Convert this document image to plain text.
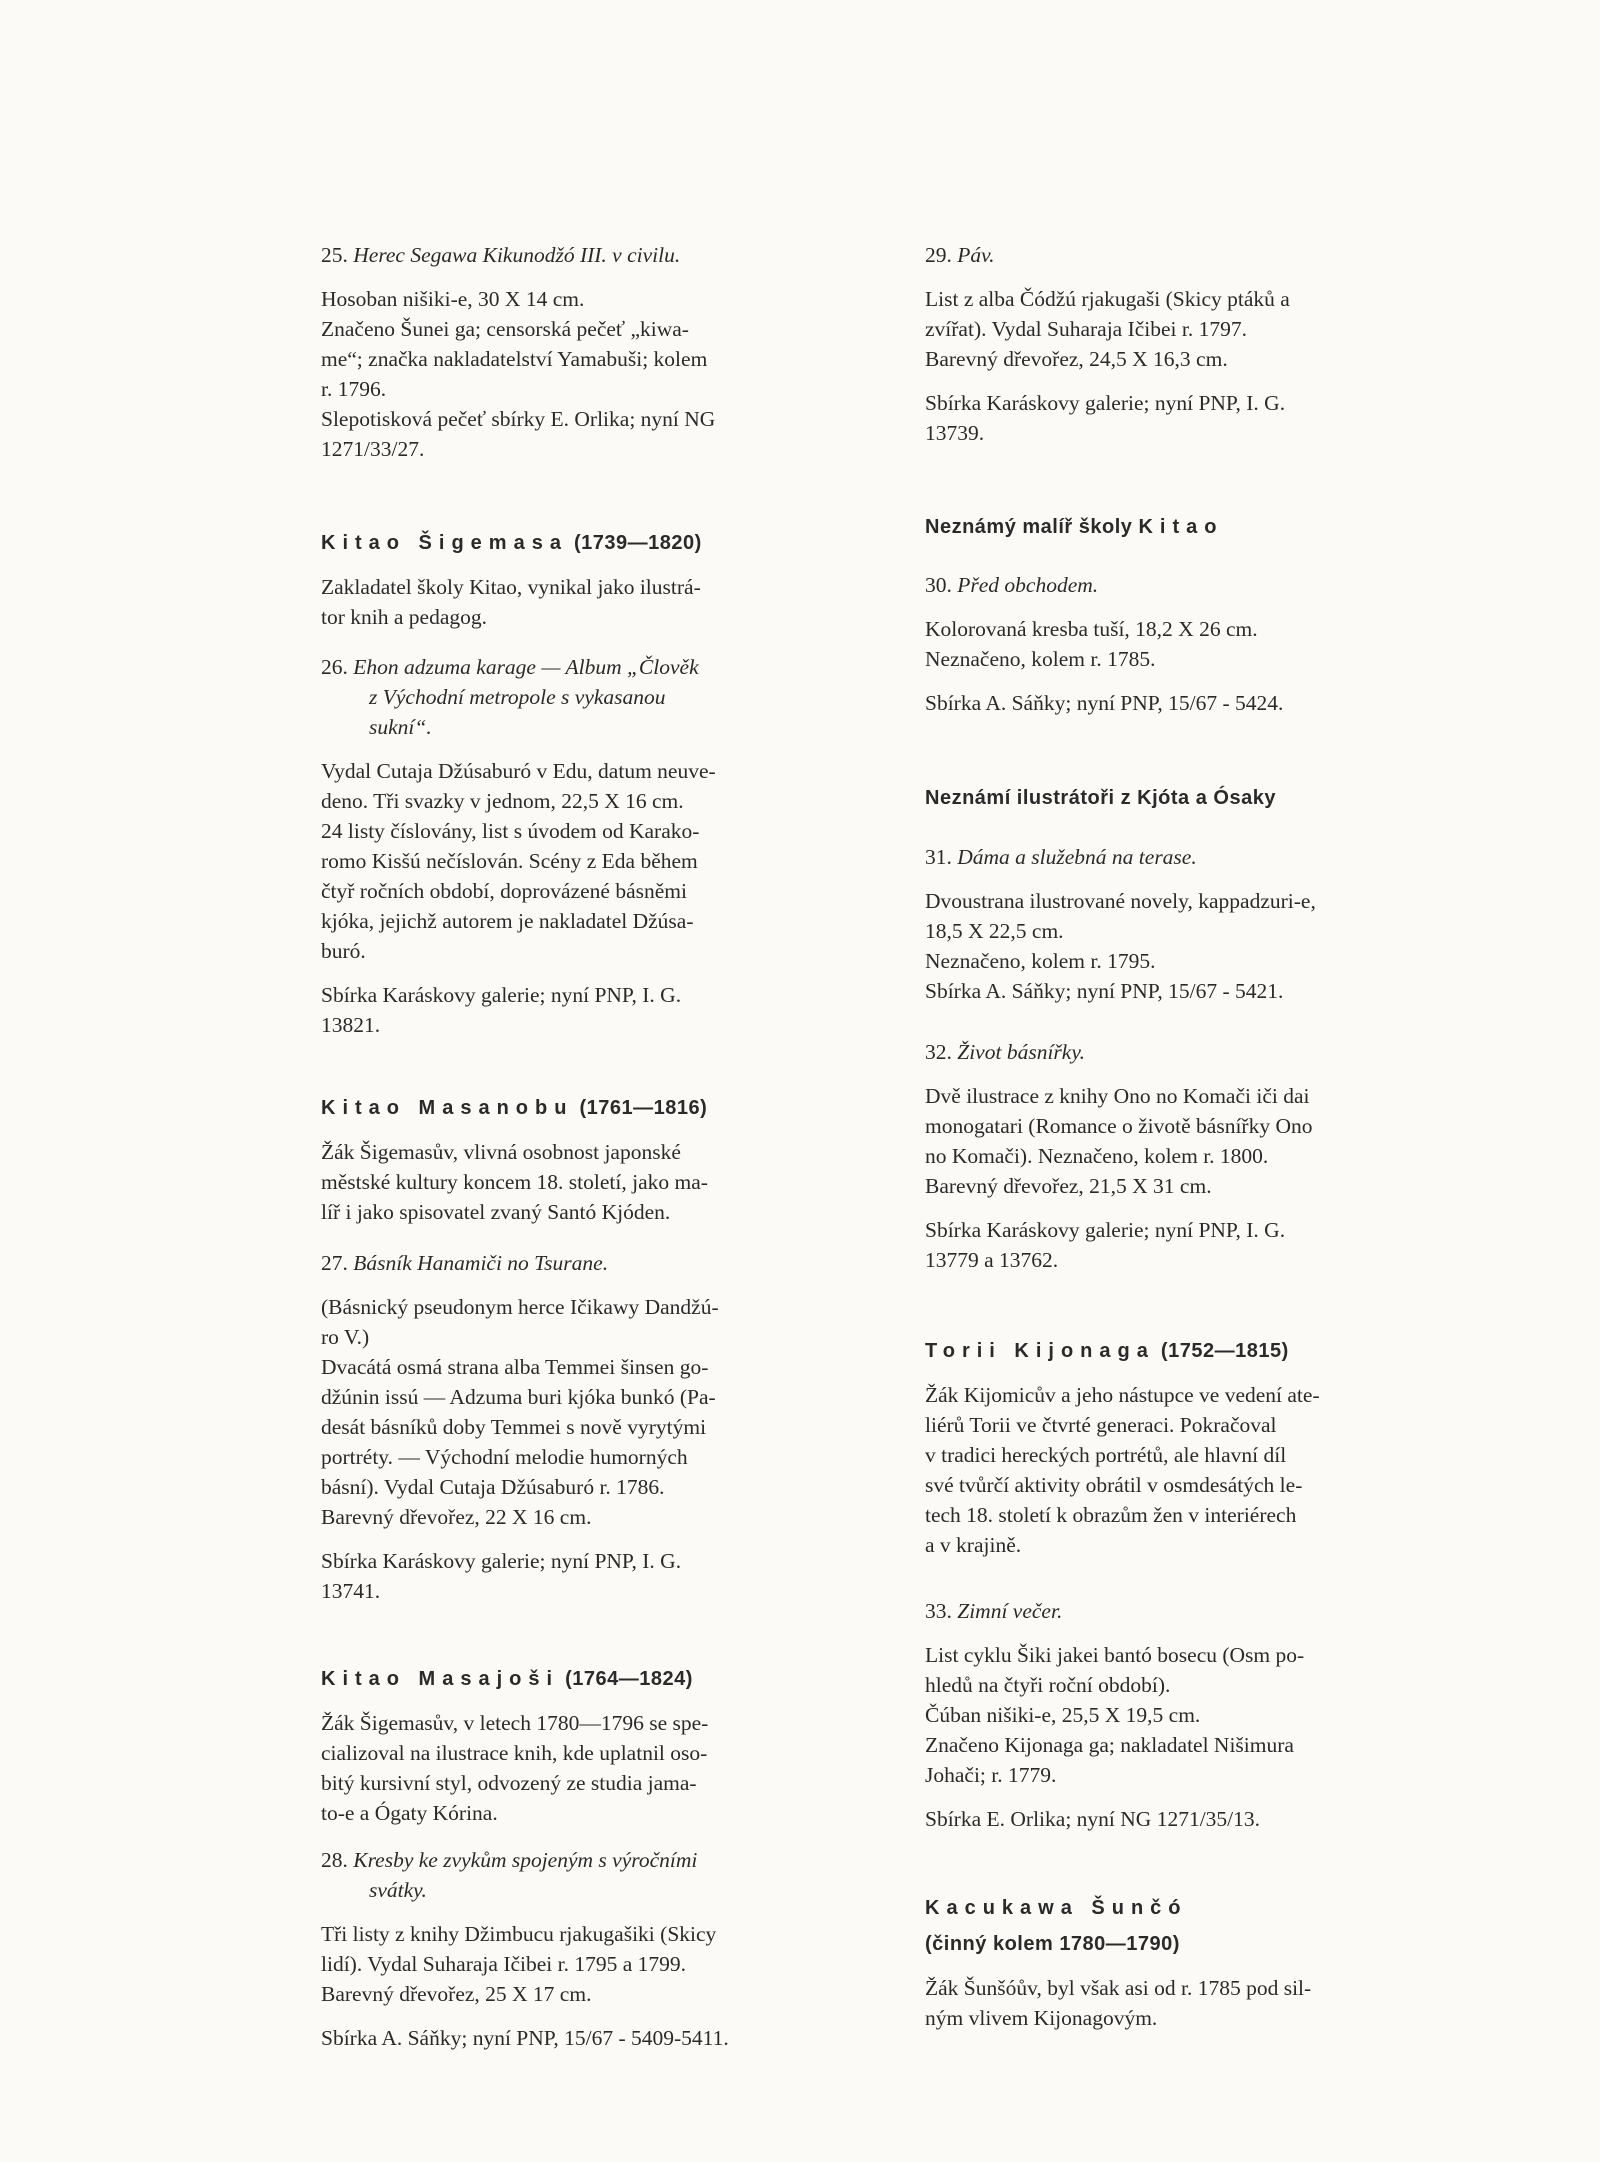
25. Herec Segawa Kikunodžó III. v civilu.

Hosoban nišiki-e, 30 X 14 cm.

Značeno Šunei ga; censorská pečeť „kiwa-

me“; značka nakladatelství Yamabuši; kolem

r. 1796.

Slepotisková pečeť sbírky E. Orlika; nyní NG

1271/33/27.

Kitao Šigemasa (1739—1820)

Zakladatel školy Kitao, vynikal jako ilustrá-

tor knih a pedagog.

26. Ehon adzuma karage — Album „Člověk
z Východní metropole s vykasanou
sukní“.

Vydal Cutaja Džúsaburó v Edu, datum neuve-

deno. Tři svazky v jednom, 22,5 X 16 cm.

24 listy číslovány, list s úvodem od Karako-

romo Kisšú nečíslován. Scény z Eda během

čtyř ročních období, doprovázené básněmi

kjóka, jejichž autorem je nakladatel Džúsa-

buró.

Sbírka Karáskovy galerie; nyní PNP, I. G.

13821.

Kitao Masanobu (1761—1816)

Žák Šigemasův, vlivná osobnost japonské

městské kultury koncem 18. století, jako ma-

líř i jako spisovatel zvaný Santó Kjóden.

27. Básník Hanamiči no Tsurane.

(Básnický pseudonym herce Ičikawy Dandžú-

ro V.)

Dvacátá osmá strana alba Temmei šinsen go-

džúnin issú — Adzuma buri kjóka bunkó (Pa-

desát básníků doby Temmei s nově vyrytými

portréty. — Východní melodie humorných

básní). Vydal Cutaja Džúsaburó r. 1786.

Barevný dřevořez, 22 X 16 cm.

Sbírka Karáskovy galerie; nyní PNP, I. G.

13741.

Kitao Masajoši (1764—1824)

Žák Šigemasův, v letech 1780—1796 se spe-

cializoval na ilustrace knih, kde uplatnil oso-

bitý kursivní styl, odvozený ze studia jama-

to-e a Ógaty Kórina.

28. Kresby ke zvykům spojeným s výročními
svátky.

Tři listy z knihy Džimbucu rjakugašiki (Skicy

lidí). Vydal Suharaja Ičibei r. 1795 a 1799.

Barevný dřevořez, 25 X 17 cm.

Sbírka A. Sáňky; nyní PNP, 15/67 - 5409-5411.

29. Páv.

List z alba Čódžú rjakugaši (Skicy ptáků a

zvířat). Vydal Suharaja Ičibei r. 1797.

Barevný dřevořez, 24,5 X 16,3 cm.

Sbírka Karáskovy galerie; nyní PNP, I. G.

13739.

Neznámý malíř školy Kitao
30. Před obchodem.

Kolorovaná kresba tuší, 18,2 X 26 cm.

Neznačeno, kolem r. 1785.

Sbírka A. Sáňky; nyní PNP, 15/67 - 5424.

Neznámí ilustrátoři z Kjóta a Ósaky
31. Dáma a služebná na terase.

Dvoustrana ilustrované novely, kappadzuri-e,

18,5 X 22,5 cm.

Neznačeno, kolem r. 1795.

Sbírka A. Sáňky; nyní PNP, 15/67 - 5421.

32. Život básnířky.

Dvě ilustrace z knihy Ono no Komači iči dai

monogatari (Romance o životě básnířky Ono

no Komači). Neznačeno, kolem r. 1800.

Barevný dřevořez, 21,5 X 31 cm.

Sbírka Karáskovy galerie; nyní PNP, I. G.

13779 a 13762.

Torii Kijonaga (1752—1815)

Žák Kijomicův a jeho nástupce ve vedení ate-

liérů Torii ve čtvrté generaci. Pokračoval

v tradici hereckých portrétů, ale hlavní díl

své tvůrčí aktivity obrátil v osmdesátých le-

tech 18. století k obrazům žen v interiérech

a v krajině.

33. Zimní večer.

List cyklu Šiki jakei bantó bosecu (Osm po-

hledů na čtyři roční období).

Čúban nišiki-e, 25,5 X 19,5 cm.

Značeno Kijonaga ga; nakladatel Nišimura

Johači; r. 1779.

Sbírka E. Orlika; nyní NG 1271/35/13.

Kacukawa Šunčó
(činný kolem 1780—1790)

Žák Šunšóův, byl však asi od r. 1785 pod sil-

ným vlivem Kijonagovým.
